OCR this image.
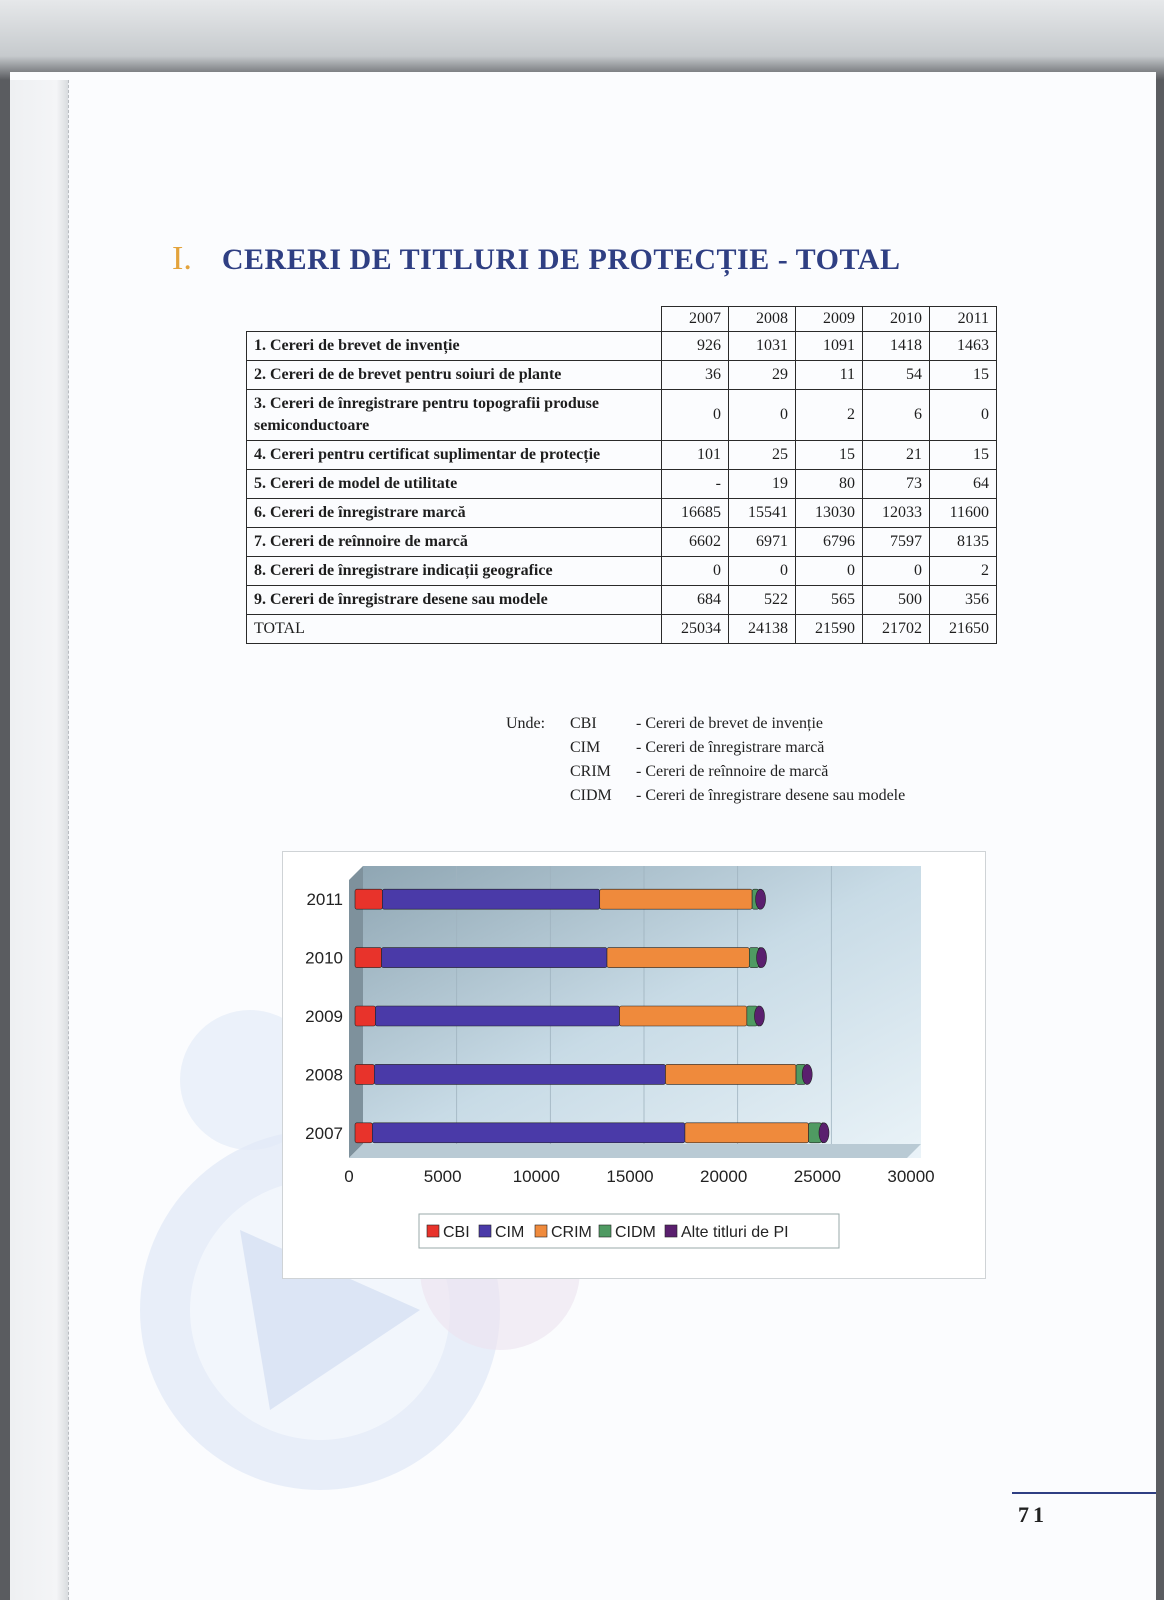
I. CERERI DE TITLURI DE PROTECȚIE - TOTAL
	2007	2008	2009	2010	2011
1. Cereri de brevet de invenție	926	1031	1091	1418	1463
2. Cereri de de brevet pentru soiuri de plante	36	29	11	54	15
3. Cereri de înregistrare pentru topografii produse semiconductoare	0	0	2	6	0
4. Cereri pentru certificat suplimentar de protecție	101	25	15	21	15
5. Cereri de model de utilitate	-	19	80	73	64
6. Cereri de înregistrare marcă	16685	15541	13030	12033	11600
7. Cereri de reînnoire de marcă	6602	6971	6796	7597	8135
8. Cereri de înregistrare indicații geografice	0	0	0	0	2
9. Cereri de înregistrare desene sau modele	684	522	565	500	356
TOTAL	25034	24138	21590	21702	21650
Unde:	CBI	- Cereri de brevet de invenție
CIM	- Cereri de înregistrare marcă
CRIM	- Cereri de reînnoire de marcă
CIDM	- Cereri de înregistrare desene sau modele
2011
2010
2009
2008
2007
0	5000	10000	15000	20000	25000	30000
CBI CIM CRIM CIDM Alte titluri de PI
71
